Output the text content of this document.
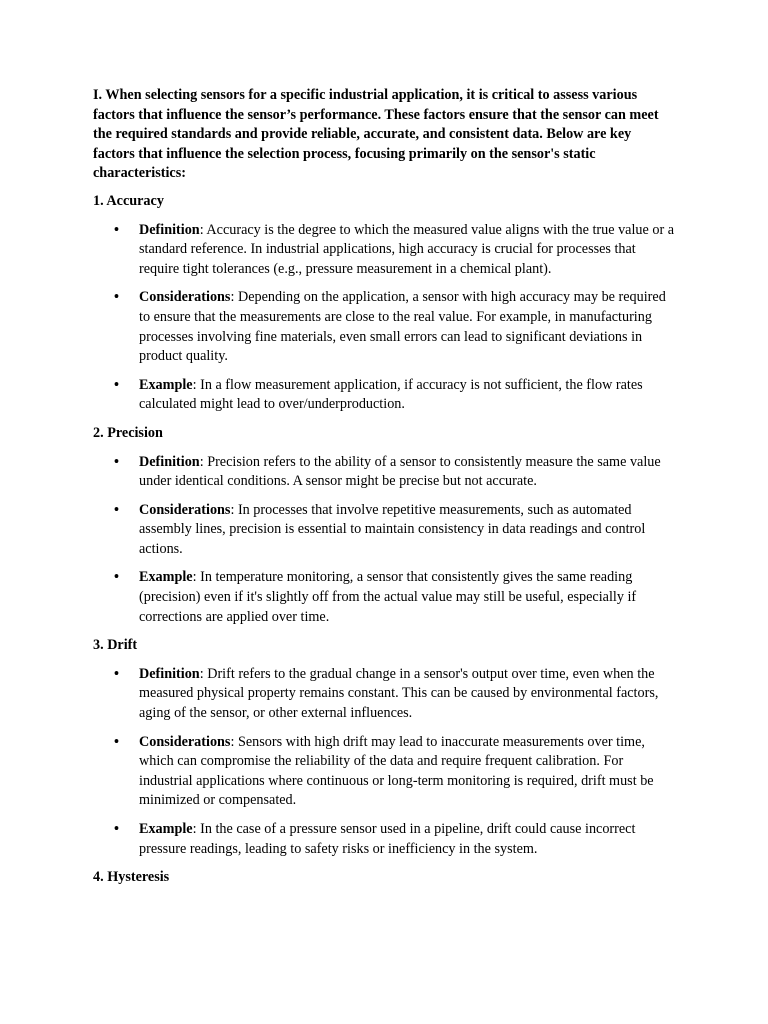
I. When selecting sensors for a specific industrial application, it is critical to assess various factors that influence the sensor’s performance. These factors ensure that the sensor can meet the required standards and provide reliable, accurate, and consistent data. Below are key factors that influence the selection process, focusing primarily on the sensor's static characteristics:

1. Accuracy

• Definition: Accuracy is the degree to which the measured value aligns with the true value or a standard reference. In industrial applications, high accuracy is crucial for processes that require tight tolerances (e.g., pressure measurement in a chemical plant).
• Considerations: Depending on the application, a sensor with high accuracy may be required to ensure that the measurements are close to the real value. For example, in manufacturing processes involving fine materials, even small errors can lead to significant deviations in product quality.
• Example: In a flow measurement application, if accuracy is not sufficient, the flow rates calculated might lead to over/underproduction.

2. Precision

• Definition: Precision refers to the ability of a sensor to consistently measure the same value under identical conditions. A sensor might be precise but not accurate.
• Considerations: In processes that involve repetitive measurements, such as automated assembly lines, precision is essential to maintain consistency in data readings and control actions.
• Example: In temperature monitoring, a sensor that consistently gives the same reading (precision) even if it's slightly off from the actual value may still be useful, especially if corrections are applied over time.

3. Drift

• Definition: Drift refers to the gradual change in a sensor's output over time, even when the measured physical property remains constant. This can be caused by environmental factors, aging of the sensor, or other external influences.
• Considerations: Sensors with high drift may lead to inaccurate measurements over time, which can compromise the reliability of the data and require frequent calibration. For industrial applications where continuous or long-term monitoring is required, drift must be minimized or compensated.
• Example: In the case of a pressure sensor used in a pipeline, drift could cause incorrect pressure readings, leading to safety risks or inefficiency in the system.

4. Hysteresis
